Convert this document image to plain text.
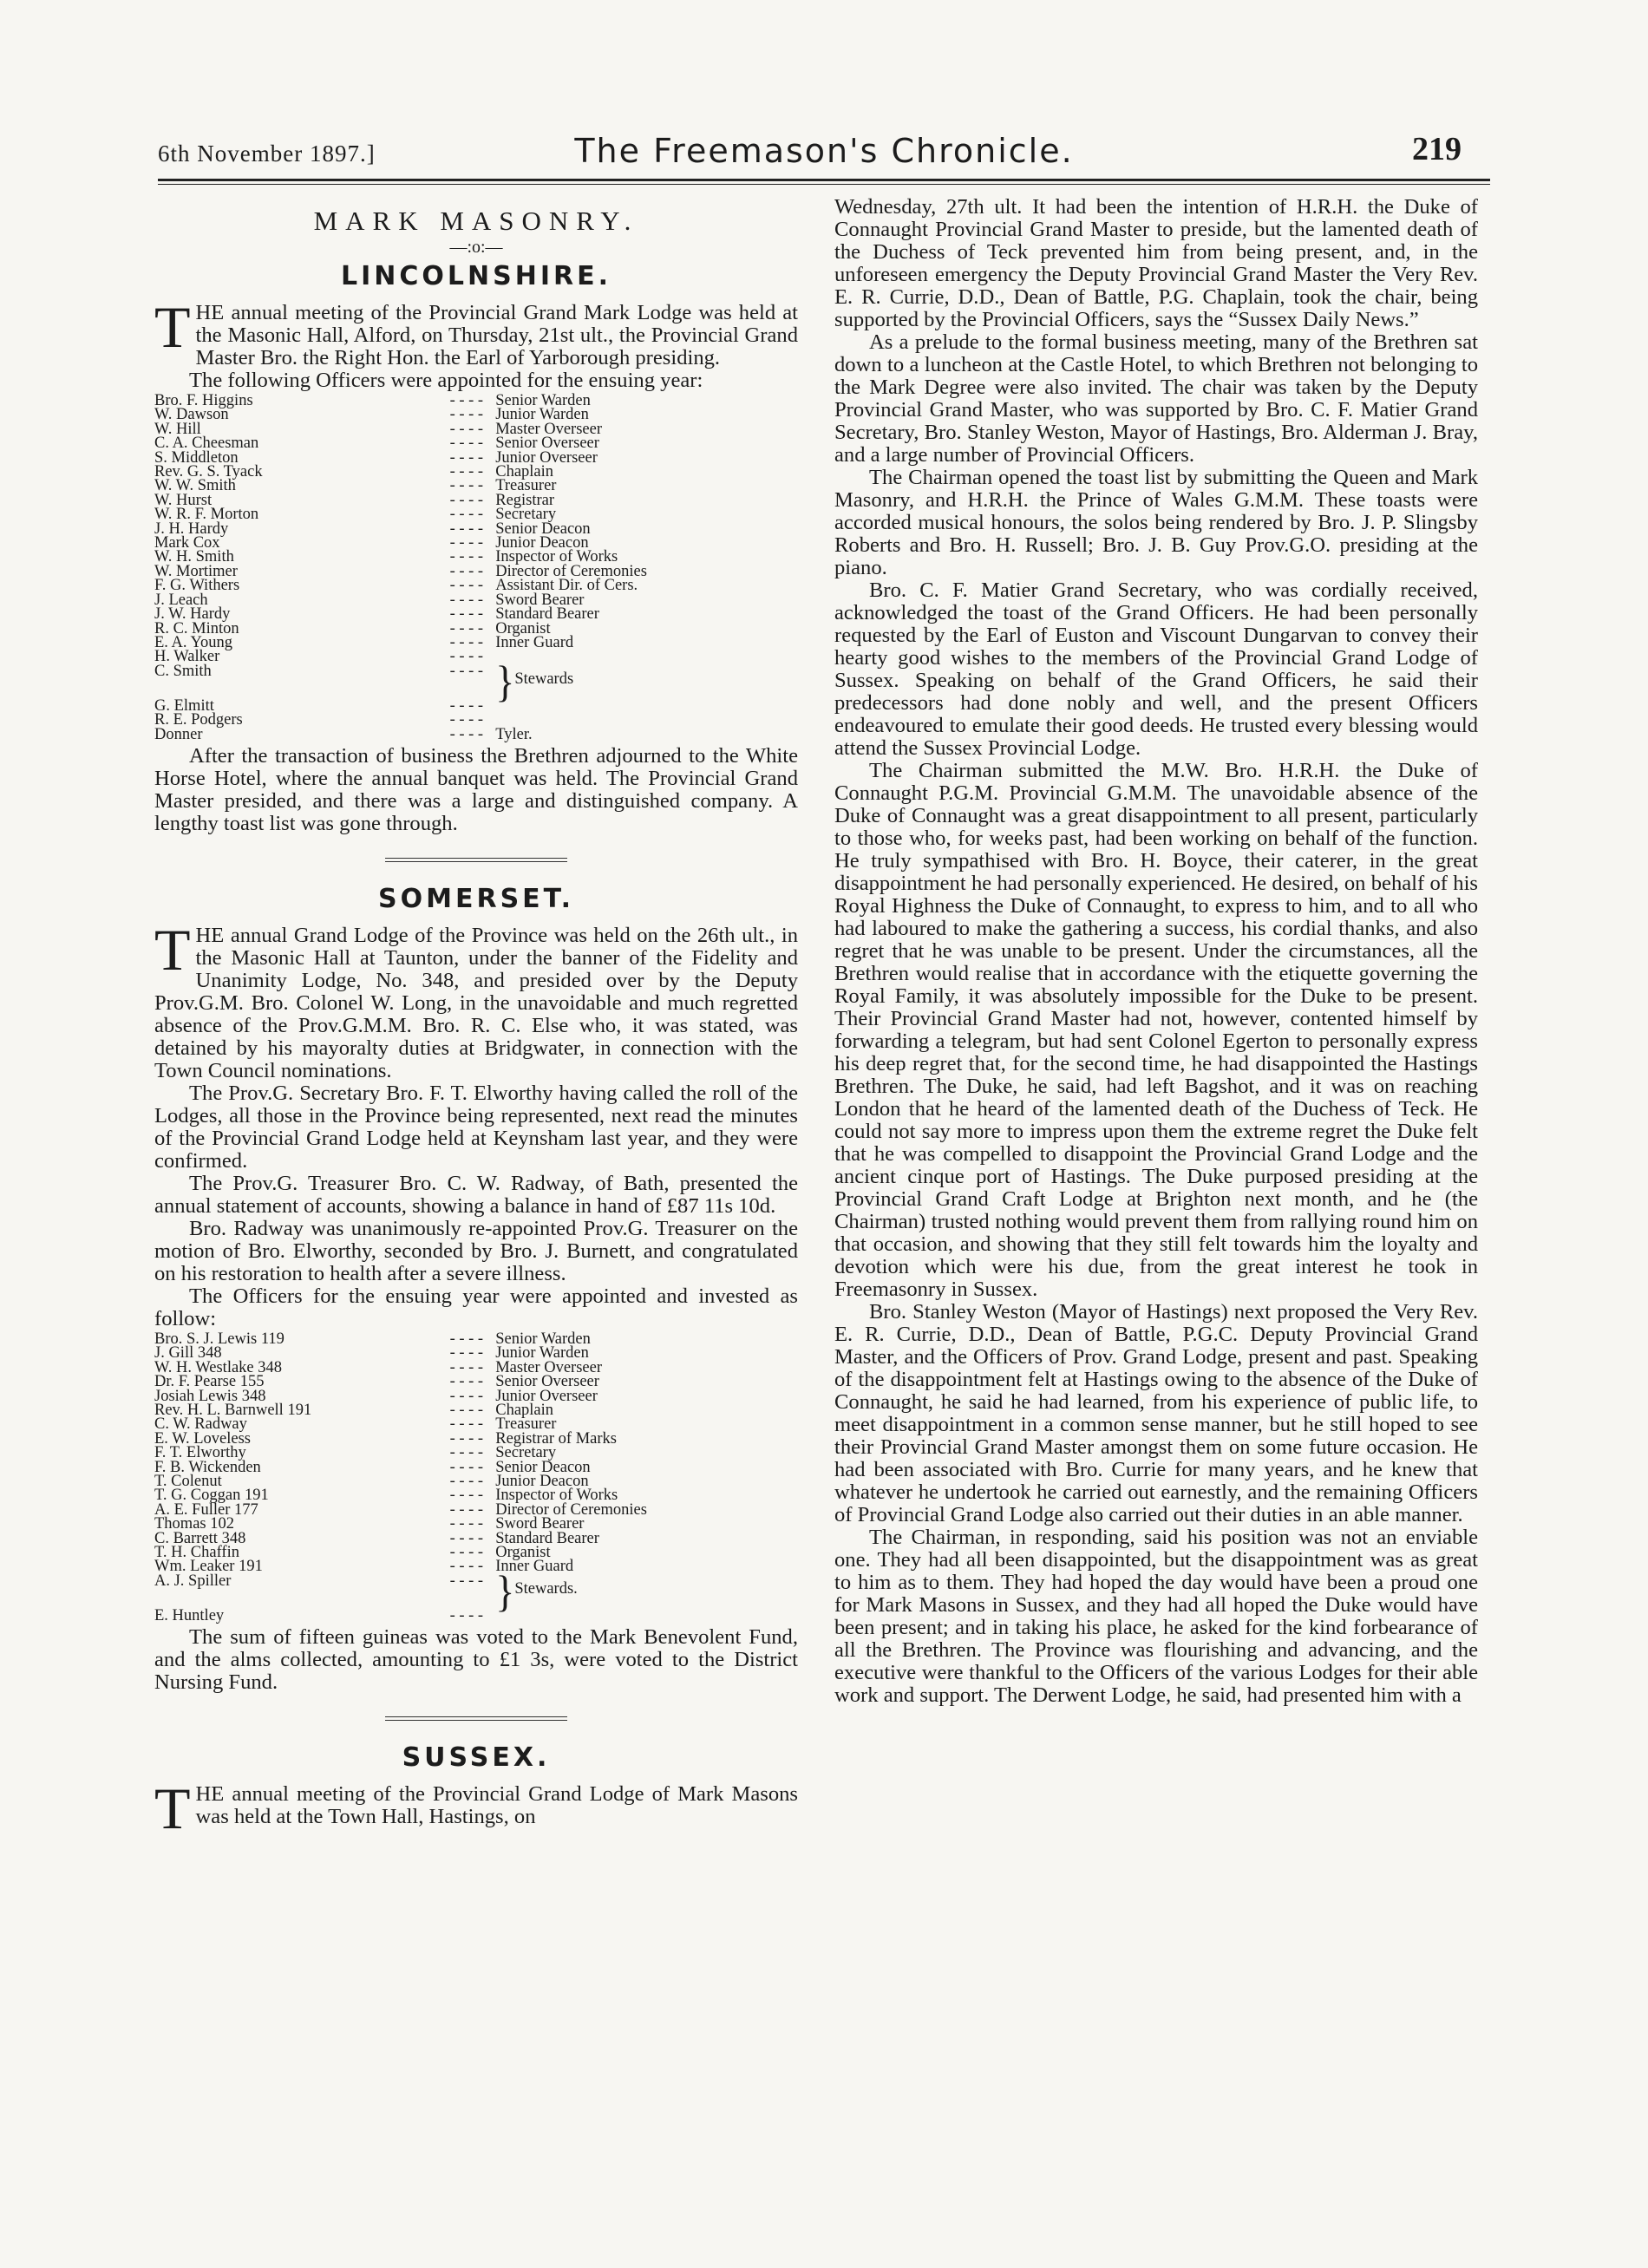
6th November 1897.]	The Freemason's Chronicle.	219
MARK MASONRY.
—:o:—
LINCOLNSHIRE.

THE annual meeting of the Provincial Grand Mark Lodge was held at the Masonic Hall, Alford, on Thursday, 21st ult., the Provincial Grand Master Bro. the Right Hon. the Earl of Yarborough presiding.

The following Officers were appointed for the ensuing year:

Bro. F. Higgins	- - - -	Senior Warden
W. Dawson	- - - -	Junior Warden
W. Hill	- - - -	Master Overseer
C. A. Cheesman	- - - -	Senior Overseer
S. Middleton	- - - -	Junior Overseer
Rev. G. S. Tyack	- - - -	Chaplain
W. W. Smith	- - - -	Treasurer
W. Hurst	- - - -	Registrar
W. R. F. Morton	- - - -	Secretary
J. H. Hardy	- - - -	Senior Deacon
Mark Cox	- - - -	Junior Deacon
W. H. Smith	- - - -	Inspector of Works
W. Mortimer	- - - -	Director of Ceremonies
F. G. Withers	- - - -	Assistant Dir. of Cers.
J. Leach	- - - -	Sword Bearer
J. W. Hardy	- - - -	Standard Bearer
R. C. Minton	- - - -	Organist
E. A. Young	- - - -	Inner Guard
H. Walker	- - - -	
C. Smith	- - - -	}Stewards
G. Elmitt	- - - -	
R. E. Podgers	- - - -	
Donner	- - - -	Tyler.

After the transaction of business the Brethren adjourned to the White Horse Hotel, where the annual banquet was held. The Provincial Grand Master presided, and there was a large and distinguished company. A lengthy toast list was gone through.

SOMERSET.

THE annual Grand Lodge of the Province was held on the 26th ult., in the Masonic Hall at Taunton, under the banner of the Fidelity and Unanimity Lodge, No. 348, and presided over by the Deputy Prov.G.M. Bro. Colonel W. Long, in the unavoidable and much regretted absence of the Prov.G.M.M. Bro. R. C. Else who, it was stated, was detained by his mayoralty duties at Bridgwater, in connection with the Town Council nominations.

The Prov.G. Secretary Bro. F. T. Elworthy having called the roll of the Lodges, all those in the Province being represented, next read the minutes of the Provincial Grand Lodge held at Keynsham last year, and they were confirmed.

The Prov.G. Treasurer Bro. C. W. Radway, of Bath, presented the annual statement of accounts, showing a balance in hand of £87 11s 10d.

Bro. Radway was unanimously re-appointed Prov.G. Treasurer on the motion of Bro. Elworthy, seconded by Bro. J. Burnett, and congratulated on his restoration to health after a severe illness.

The Officers for the ensuing year were appointed and invested as follow:

Bro. S. J. Lewis 119	- - - -	Senior Warden
J. Gill 348	- - - -	Junior Warden
W. H. Westlake 348	- - - -	Master Overseer
Dr. F. Pearse 155	- - - -	Senior Overseer
Josiah Lewis 348	- - - -	Junior Overseer
Rev. H. L. Barnwell 191	- - - -	Chaplain
C. W. Radway	- - - -	Treasurer
E. W. Loveless	- - - -	Registrar of Marks
F. T. Elworthy	- - - -	Secretary
F. B. Wickenden	- - - -	Senior Deacon
T. Colenut	- - - -	Junior Deacon
T. G. Coggan 191	- - - -	Inspector of Works
A. E. Fuller 177	- - - -	Director of Ceremonies
Thomas 102	- - - -	Sword Bearer
C. Barrett 348	- - - -	Standard Bearer
T. H. Chaffin	- - - -	Organist
Wm. Leaker 191	- - - -	Inner Guard
A. J. Spiller	- - - -	}Stewards.
E. Huntley	- - - -	

The sum of fifteen guineas was voted to the Mark Benevolent Fund, and the alms collected, amounting to £1 3s, were voted to the District Nursing Fund.

SUSSEX.

THE annual meeting of the Provincial Grand Lodge of Mark Masons was held at the Town Hall, Hastings, on

Wednesday, 27th ult. It had been the intention of H.R.H. the Duke of Connaught Provincial Grand Master to preside, but the lamented death of the Duchess of Teck prevented him from being present, and, in the unforeseen emergency the Deputy Provincial Grand Master the Very Rev. E. R. Currie, D.D., Dean of Battle, P.G. Chaplain, took the chair, being supported by the Provincial Officers, says the “Sussex Daily News.”

As a prelude to the formal business meeting, many of the Brethren sat down to a luncheon at the Castle Hotel, to which Brethren not belonging to the Mark Degree were also invited. The chair was taken by the Deputy Provincial Grand Master, who was supported by Bro. C. F. Matier Grand Secretary, Bro. Stanley Weston, Mayor of Hastings, Bro. Alderman J. Bray, and a large number of Provincial Officers.

The Chairman opened the toast list by submitting the Queen and Mark Masonry, and H.R.H. the Prince of Wales G.M.M. These toasts were accorded musical honours, the solos being rendered by Bro. J. P. Slingsby Roberts and Bro. H. Russell; Bro. J. B. Guy Prov.G.O. presiding at the piano.

Bro. C. F. Matier Grand Secretary, who was cordially received, acknowledged the toast of the Grand Officers. He had been personally requested by the Earl of Euston and Viscount Dungarvan to convey their hearty good wishes to the members of the Provincial Grand Lodge of Sussex. Speaking on behalf of the Grand Officers, he said their predecessors had done nobly and well, and the present Officers endeavoured to emulate their good deeds. He trusted every blessing would attend the Sussex Provincial Lodge.

The Chairman submitted the M.W. Bro. H.R.H. the Duke of Connaught P.G.M. Provincial G.M.M. The unavoidable absence of the Duke of Connaught was a great disappointment to all present, particularly to those who, for weeks past, had been working on behalf of the function. He truly sympathised with Bro. H. Boyce, their caterer, in the great disappointment he had personally experienced. He desired, on behalf of his Royal Highness the Duke of Connaught, to express to him, and to all who had laboured to make the gathering a success, his cordial thanks, and also regret that he was unable to be present. Under the circumstances, all the Brethren would realise that in accordance with the etiquette governing the Royal Family, it was absolutely impossible for the Duke to be present. Their Provincial Grand Master had not, however, contented himself by forwarding a telegram, but had sent Colonel Egerton to personally express his deep regret that, for the second time, he had disappointed the Hastings Brethren. The Duke, he said, had left Bagshot, and it was on reaching London that he heard of the lamented death of the Duchess of Teck. He could not say more to impress upon them the extreme regret the Duke felt that he was compelled to disappoint the Provincial Grand Lodge and the ancient cinque port of Hastings. The Duke purposed presiding at the Provincial Grand Craft Lodge at Brighton next month, and he (the Chairman) trusted nothing would prevent them from rallying round him on that occasion, and showing that they still felt towards him the loyalty and devotion which were his due, from the great interest he took in Freemasonry in Sussex.

Bro. Stanley Weston (Mayor of Hastings) next proposed the Very Rev. E. R. Currie, D.D., Dean of Battle, P.G.C. Deputy Provincial Grand Master, and the Officers of Prov. Grand Lodge, present and past. Speaking of the disappointment felt at Hastings owing to the absence of the Duke of Connaught, he said he had learned, from his experience of public life, to meet disappointment in a common sense manner, but he still hoped to see their Provincial Grand Master amongst them on some future occasion. He had been associated with Bro. Currie for many years, and he knew that whatever he undertook he carried out earnestly, and the remaining Officers of Provincial Grand Lodge also carried out their duties in an able manner.

The Chairman, in responding, said his position was not an enviable one. They had all been disappointed, but the disappointment was as great to him as to them. They had hoped the day would have been a proud one for Mark Masons in Sussex, and they had all hoped the Duke would have been present; and in taking his place, he asked for the kind forbearance of all the Brethren. The Province was flourishing and advancing, and the executive were thankful to the Officers of the various Lodges for their able work and support. The Derwent Lodge, he said, had presented him with a
